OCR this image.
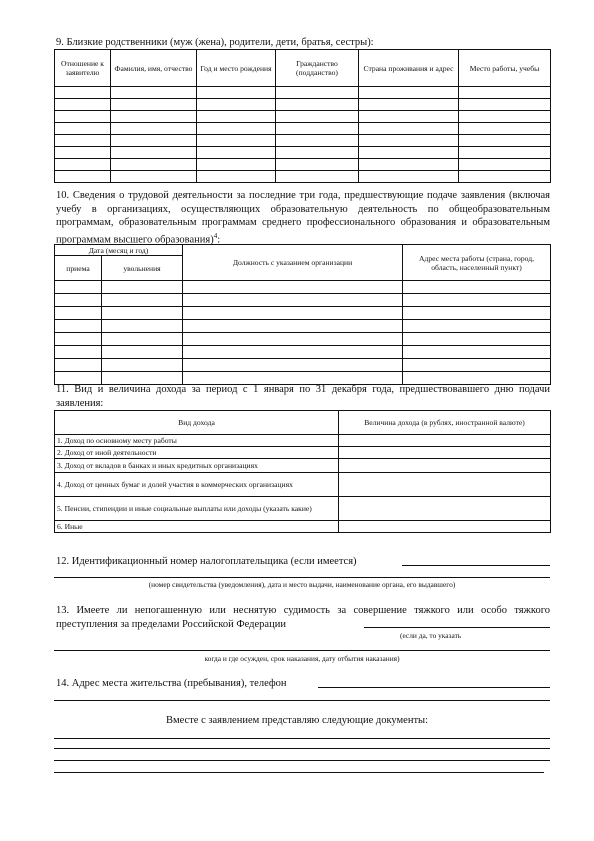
9. Близкие родственники (муж (жена), родители, дети, братья, сестры):
Отношение к заявителю	Фамилия, имя, отчество	Год и место рождения	Гражданство (подданство)	Страна проживания и адрес	Место работы, учебы

10. Сведения о трудовой деятельности за последние три года, предшествующие подаче заявления (включая учебу в организациях, осуществляющих образовательную деятельность по общеобразовательным программам, образовательным программам среднего профессионального образования и образовательным программам высшего образования)$^4$:
Дата (месяц и год)		Должность с указанием организации	Адрес места работы (страна, город, область, населенный пункт)
приема	увольнения		

11. Вид и величина дохода за период с 1 января по 31 декабря года, предшествовавшего дню подачи заявления:
Вид дохода	Величина дохода (в рублях, иностранной валюте)
1. Доход по основному месту работы	
2. Доход от иной деятельности	
3. Доход от вкладов в банках и иных кредитных организациях	
4. Доход от ценных бумаг и долей участия в коммерческих организациях	
5. Пенсии, стипендии и иные социальные выплаты или доходы (указать какие)	
6. Иные	
12. Идентификационный номер налогоплательщика (если имеется)
(номер свидетельства (уведомления), дата и место выдачи, наименование органа, его выдавшего)
13. Имеете ли непогашенную или неснятую судимость за совершение тяжкого или особо тяжкого преступления за пределами Российской Федерации
(если да, то указать
когда и где осужден, срок наказания, дату отбытия наказания)
14. Адрес места жительства (пребывания), телефон
Вместе с заявлением представляю следующие документы:
